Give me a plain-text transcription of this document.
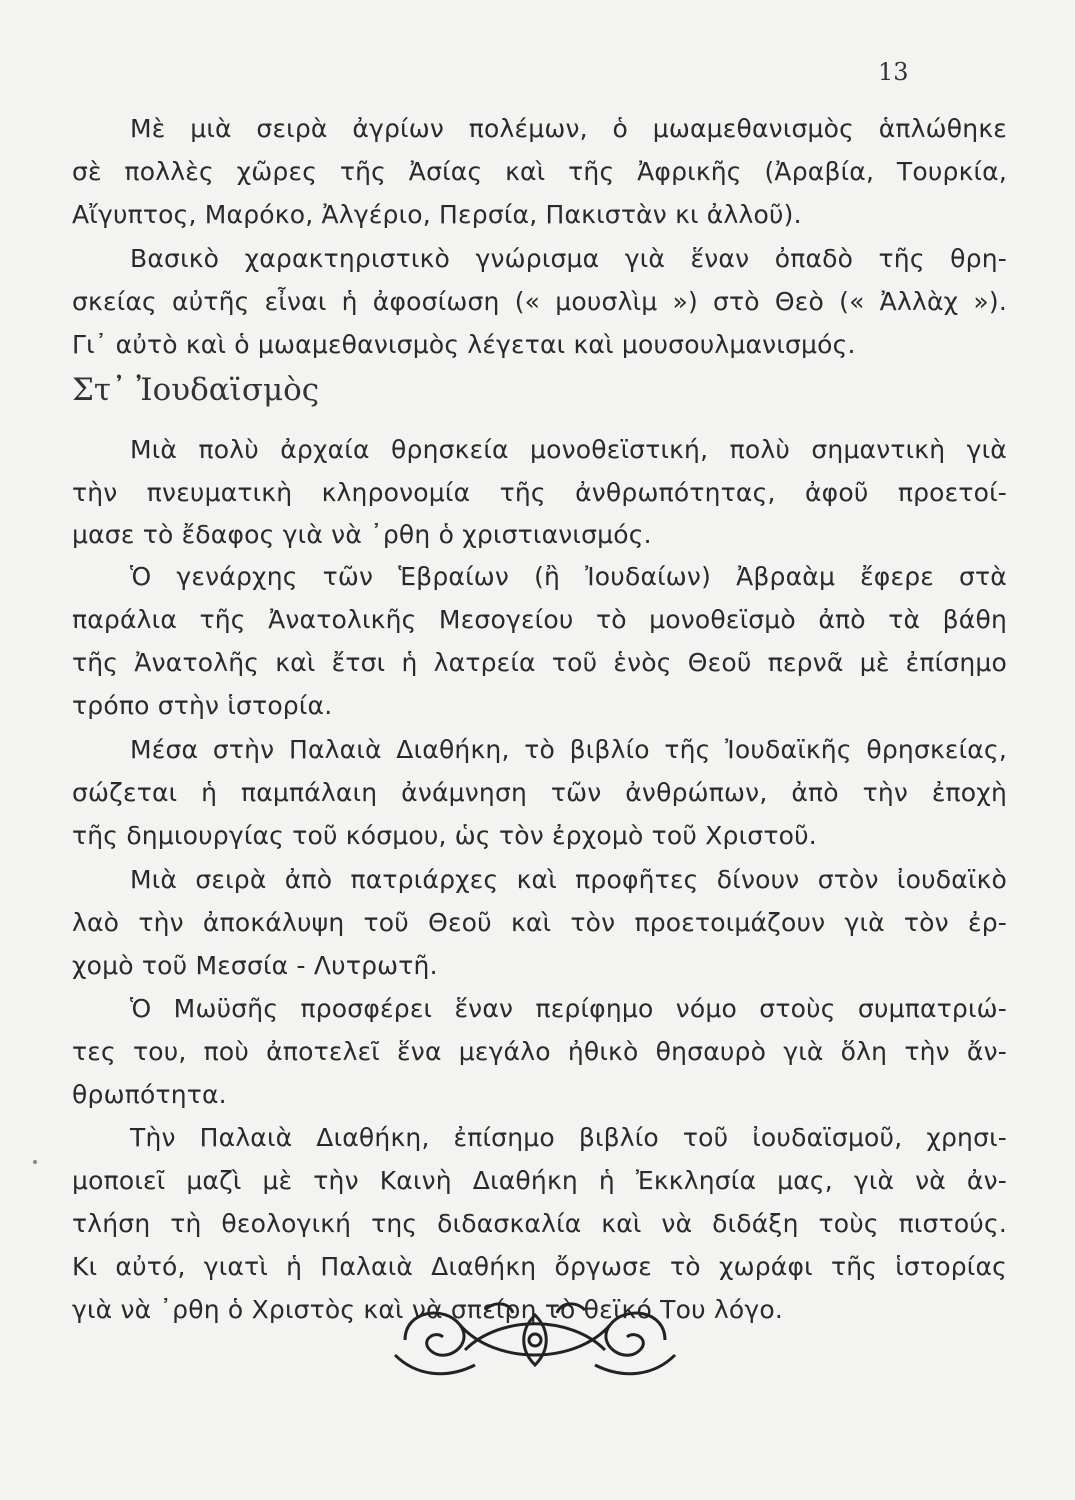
13
Μὲ μιὰ σειρὰ ἀγρίων πολέμων, ὁ μωαμεθανισμὸς ἁπλώθηκε
σὲ πολλὲς χῶρες τῆς Ἀσίας καὶ τῆς Ἀφρικῆς (Ἀραβία, Τουρκία,
Αἴγυπτος, Μαρόκο, Ἀλγέριο, Περσία, Πακιστὰν κι ἀλλοῦ).
Βασικὸ χαρακτηριστικὸ γνώρισμα γιὰ ἕναν ὀπαδὸ τῆς θρη-
σκείας αὐτῆς εἶναι ἡ ἀφοσίωση (« μουσλὶμ ») στὸ Θεὸ (« Ἀλλὰχ »).
Γι᾽ αὐτὸ καὶ ὁ μωαμεθανισμὸς λέγεται καὶ μουσουλμανισμός.
Στ᾽ Ἰουδαϊσμὸς
Μιὰ πολὺ ἀρχαία θρησκεία μονοθεϊστική, πολὺ σημαντικὴ γιὰ
τὴν πνευματικὴ κληρονομία τῆς ἀνθρωπότητας, ἀφοῦ προετοί-
μασε τὸ ἔδαφος γιὰ νὰ ᾽ρθη ὁ χριστιανισμός.
Ὁ γενάρχης τῶν Ἑβραίων (ἢ Ἰουδαίων) Ἀβραὰμ ἔφερε στὰ
παράλια τῆς Ἀνατολικῆς Μεσογείου τὸ μονοθεϊσμὸ ἀπὸ τὰ βάθη
τῆς Ἀνατολῆς καὶ ἔτσι ἡ λατρεία τοῦ ἑνὸς Θεοῦ περνᾶ μὲ ἐπίσημο
τρόπο στὴν ἱστορία.
Μέσα στὴν Παλαιὰ Διαθήκη, τὸ βιβλίο τῆς Ἰουδαϊκῆς θρησκείας,
σώζεται ἡ παμπάλαιη ἀνάμνηση τῶν ἀνθρώπων, ἀπὸ τὴν ἐποχὴ
τῆς δημιουργίας τοῦ κόσμου, ὡς τὸν ἐρχομὸ τοῦ Χριστοῦ.
Μιὰ σειρὰ ἀπὸ πατριάρχες καὶ προφῆτες δίνουν στὸν ἰουδαϊκὸ
λαὸ τὴν ἀποκάλυψη τοῦ Θεοῦ καὶ τὸν προετοιμάζουν γιὰ τὸν ἐρ-
χομὸ τοῦ Μεσσία - Λυτρωτῆ.
Ὁ Μωϋσῆς προσφέρει ἕναν περίφημο νόμο στοὺς συμπατριώ-
τες του, ποὺ ἀποτελεῖ ἕνα μεγάλο ἠθικὸ θησαυρὸ γιὰ ὅλη τὴν ἄν-
θρωπότητα.
Τὴν Παλαιὰ Διαθήκη, ἐπίσημο βιβλίο τοῦ ἰουδαϊσμοῦ, χρησι-
μοποιεῖ μαζὶ μὲ τὴν Καινὴ Διαθήκη ἡ Ἐκκλησία μας, γιὰ νὰ ἀν-
τλήση τὴ θεολογική της διδασκαλία καὶ νὰ διδάξη τοὺς πιστούς.
Κι αὐτό, γιατὶ ἡ Παλαιὰ Διαθήκη ὄργωσε τὸ χωράφι τῆς ἱστορίας
γιὰ νὰ ᾽ρθη ὁ Χριστὸς καὶ νὰ σπείρη τὸ θεϊκό Του λόγο.
